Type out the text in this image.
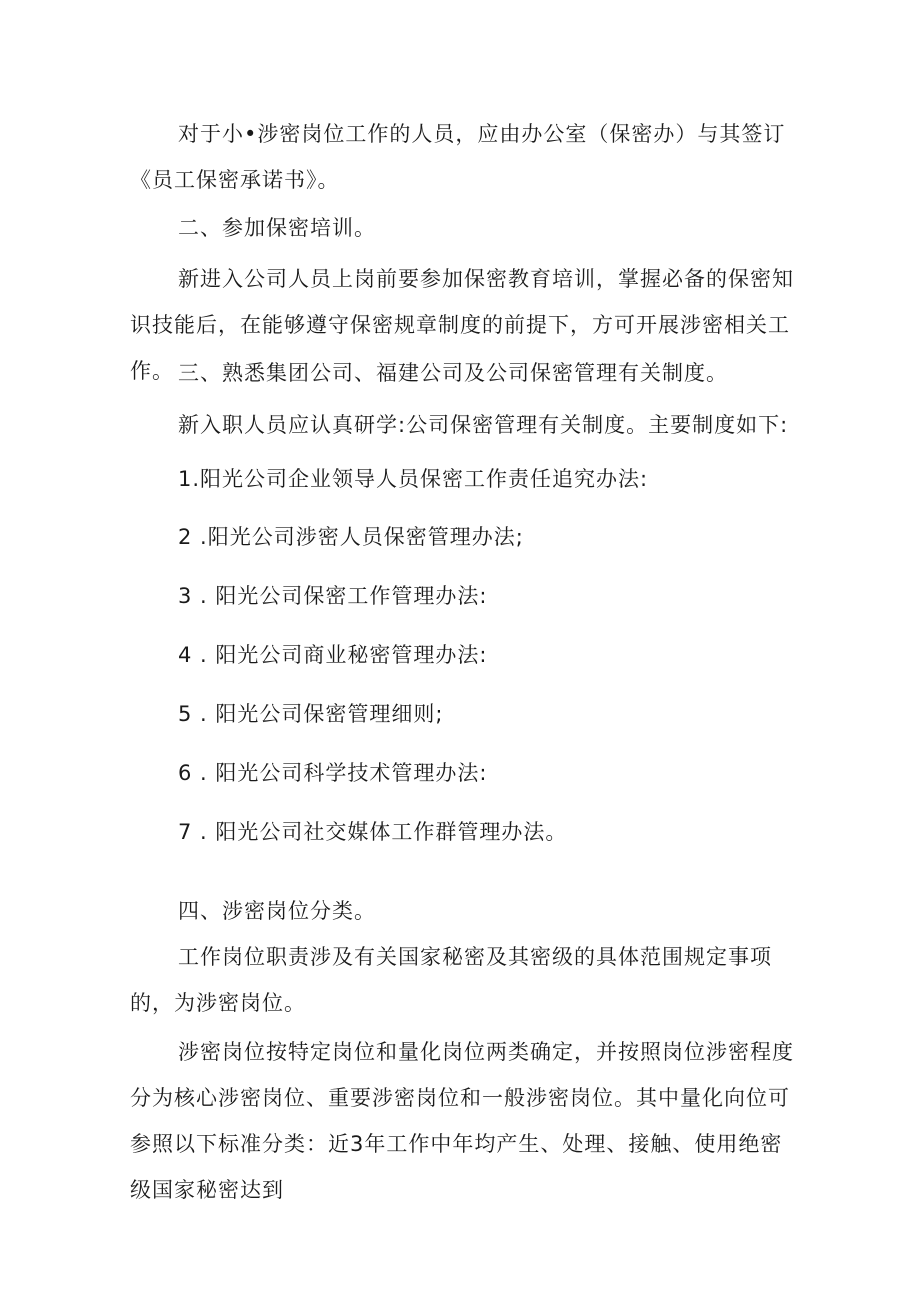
对于小•涉密岗位工作的人员，应由办公室（保密办）与其签订《员工保密承诺书》。

二、参加保密培训。

新进入公司人员上岗前要参加保密教育培训，掌握必备的保密知识技能后，在能够遵守保密规章制度的前提下，方可开展涉密相关工作。 三、熟悉集团公司、福建公司及公司保密管理有关制度。

新入职人员应认真研学:公司保密管理有关制度。主要制度如下:

1.阳光公司企业领导人员保密工作责任追究办法:

2 .阳光公司涉密人员保密管理办法;

3 . 阳光公司保密工作管理办法:

4 . 阳光公司商业秘密管理办法:

5 . 阳光公司保密管理细则;

6 . 阳光公司科学技术管理办法:

7 . 阳光公司社交媒体工作群管理办法。

四、涉密岗位分类。

工作岗位职责涉及有关国家秘密及其密级的具体范围规定事项的，为涉密岗位。

涉密岗位按特定岗位和量化岗位两类确定，并按照岗位涉密程度分为核心涉密岗位、重要涉密岗位和一般涉密岗位。其中量化向位可参照以下标准分类：近3年工作中年均产生、处理、接触、使用绝密级国家秘密达到
